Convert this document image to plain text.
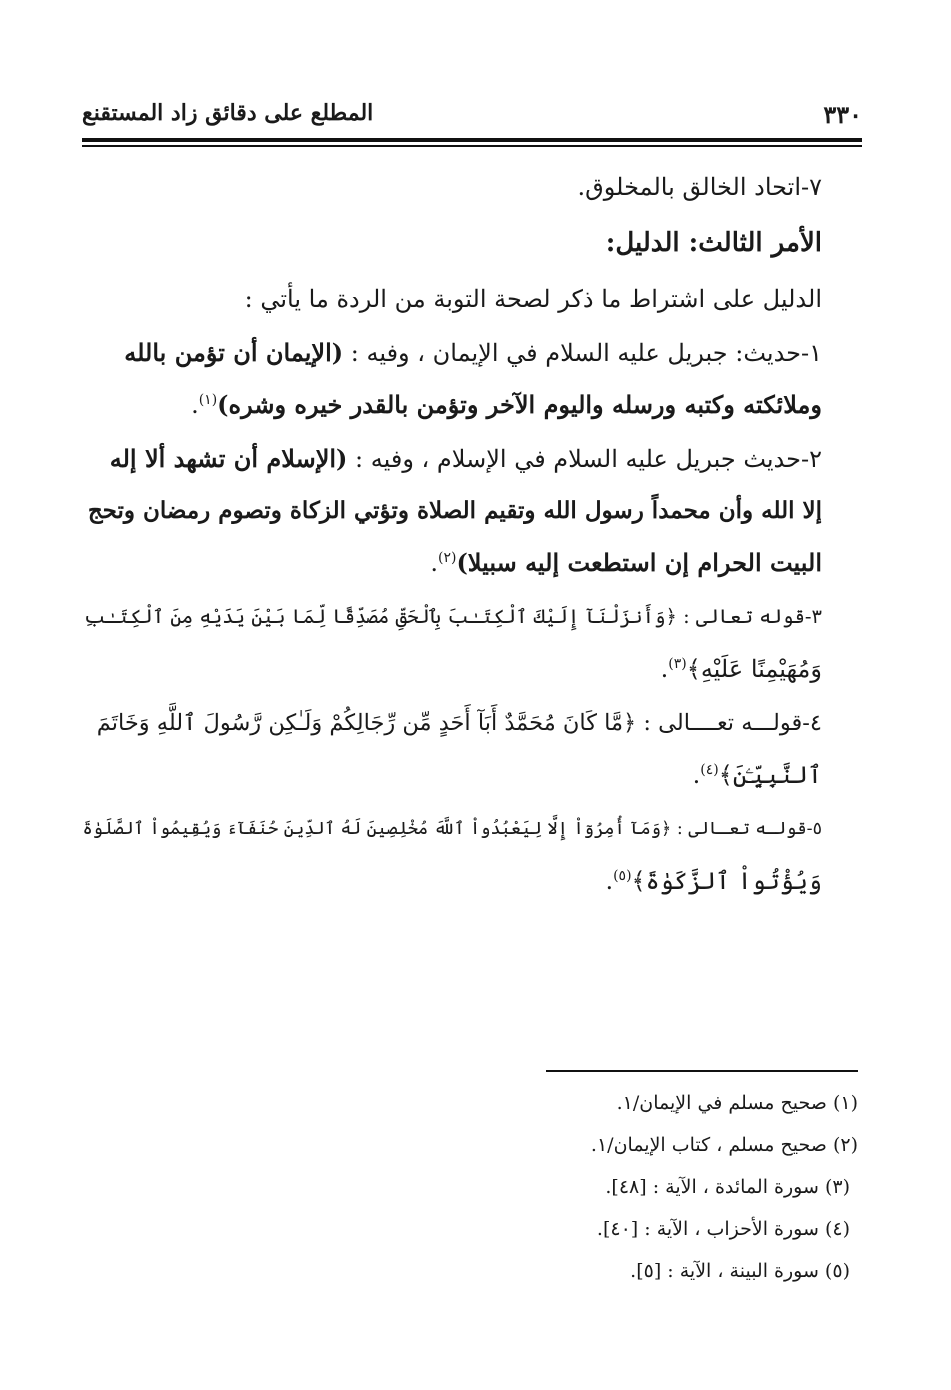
٣٣٠
المطلع على دقائق زاد المستقنع

٧-اتحاد الخالق بالمخلوق.

الأمر الثالث: الدليل:

الدليل على اشتراط ما ذكر لصحة التوبة من الردة ما يأتي :

١-حديث: جبريل عليه السلام في الإيمان ، وفيه : (الإيمان أن تؤمن بالله

وملائكته وكتبه ورسله واليوم الآخر وتؤمن بالقدر خيره وشره)$^{(١)}$.

٢-حديث جبريل عليه السلام في الإسلام ، وفيه : (الإسلام أن تشهد ألا إله

إلا الله وأن محمداً رسول الله وتقيم الصلاة وتؤتي الزكاة وتصوم رمضان وتحج

البيت الحرام إن استطعت إليه سبيلا)$^{(٢)}$.

٣-قوله تعالى : ﴿وَأَنزَلْنَآ إِلَيْكَ ٱلْكِتَـٰبَ بِٱلْحَقِّ مُصَدِّقًا لِّمَا بَيْنَ يَدَيْهِ مِنَ ٱلْكِتَـٰبِ

وَمُهَيْمِنًا عَلَيْهِ﴾$^{(٣)}$.

٤-قولـــه تعــــالى : ﴿مَّا كَانَ مُحَمَّدٌ أَبَآ أَحَدٍ مِّن رِّجَالِكُمْ وَلَـٰكِن رَّسُولَ ٱللَّهِ وَخَاتَمَ

ٱلنَّبِيِّـۧنَ﴾$^{(٤)}$.

٥-قولـه تعـالى : ﴿وَمَآ أُمِرُوٓاْ إِلَّا لِيَعْبُدُواْ ٱللَّهَ مُخْلِصِينَ لَهُ ٱلدِّينَ حُنَفَآءَ وَيُقِيمُواْ ٱلصَّلَوٰةَ

وَيُؤْتُواْ ٱلزَّكَوٰةَ﴾$^{(٥)}$.

(١) صحيح مسلم في الإيمان/١.

(٢) صحيح مسلم ، كتاب الإيمان/١.

(٣) سورة المائدة ، الآية : [٤٨].

(٤) سورة الأحزاب ، الآية : [٤٠].

(٥) سورة البينة ، الآية : [٥].
